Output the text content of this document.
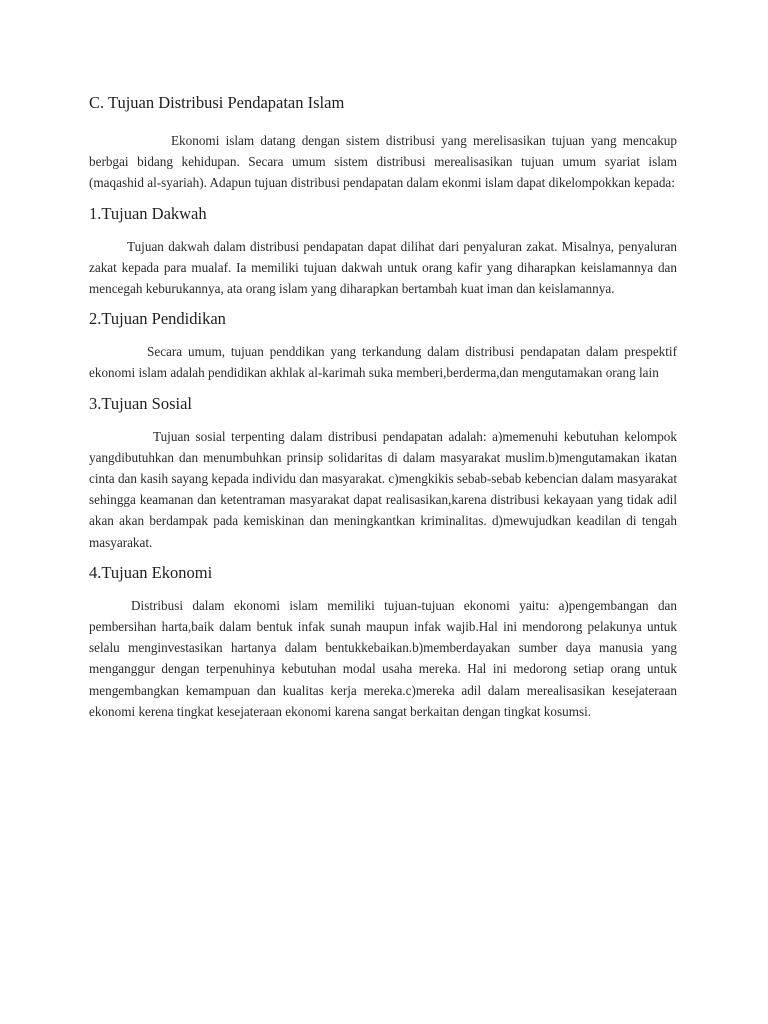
C. Tujuan Distribusi Pendapatan Islam

Ekonomi islam datang dengan sistem distribusi yang merelisasikan tujuan yang mencakup berbgai bidang kehidupan. Secara umum sistem distribusi merealisasikan tujuan umum syariat islam (maqashid al-syariah). Adapun tujuan distribusi pendapatan dalam ekonmi islam dapat dikelompokkan kepada:

1.Tujuan Dakwah

Tujuan dakwah dalam distribusi pendapatan dapat dilihat dari penyaluran zakat. Misalnya, penyaluran zakat kepada para mualaf. Ia memiliki tujuan dakwah untuk orang kafir yang diharapkan keislamannya dan mencegah keburukannya, ata orang islam yang diharapkan bertambah kuat iman dan keislamannya.

2.Tujuan Pendidikan

Secara umum, tujuan penddikan yang terkandung dalam distribusi pendapatan dalam prespektif ekonomi islam adalah pendidikan akhlak al-karimah suka memberi,berderma,dan mengutamakan orang lain

3.Tujuan Sosial

Tujuan sosial terpenting dalam distribusi pendapatan adalah: a)memenuhi kebutuhan kelompok yangdibutuhkan dan menumbuhkan prinsip solidaritas di dalam masyarakat muslim.b)mengutamakan ikatan cinta dan kasih sayang kepada individu dan masyarakat. c)mengkikis sebab-sebab kebencian dalam masyarakat sehingga keamanan dan ketentraman masyarakat dapat realisasikan,karena distribusi kekayaan yang tidak adil akan akan berdampak pada kemiskinan dan meningkantkan kriminalitas. d)mewujudkan keadilan di tengah masyarakat.

4.Tujuan Ekonomi

Distribusi dalam ekonomi islam memiliki tujuan-tujuan ekonomi yaitu: a)pengembangan dan pembersihan harta,baik dalam bentuk infak sunah maupun infak wajib.Hal ini mendorong pelakunya untuk selalu menginvestasikan hartanya dalam bentukkebaikan.b)memberdayakan sumber daya manusia yang menganggur dengan terpenuhinya kebutuhan modal usaha mereka. Hal ini medorong setiap orang untuk mengembangkan kemampuan dan kualitas kerja mereka.c)mereka adil dalam merealisasikan kesejateraan ekonomi kerena tingkat kesejateraan ekonomi karena sangat berkaitan dengan tingkat kosumsi.
